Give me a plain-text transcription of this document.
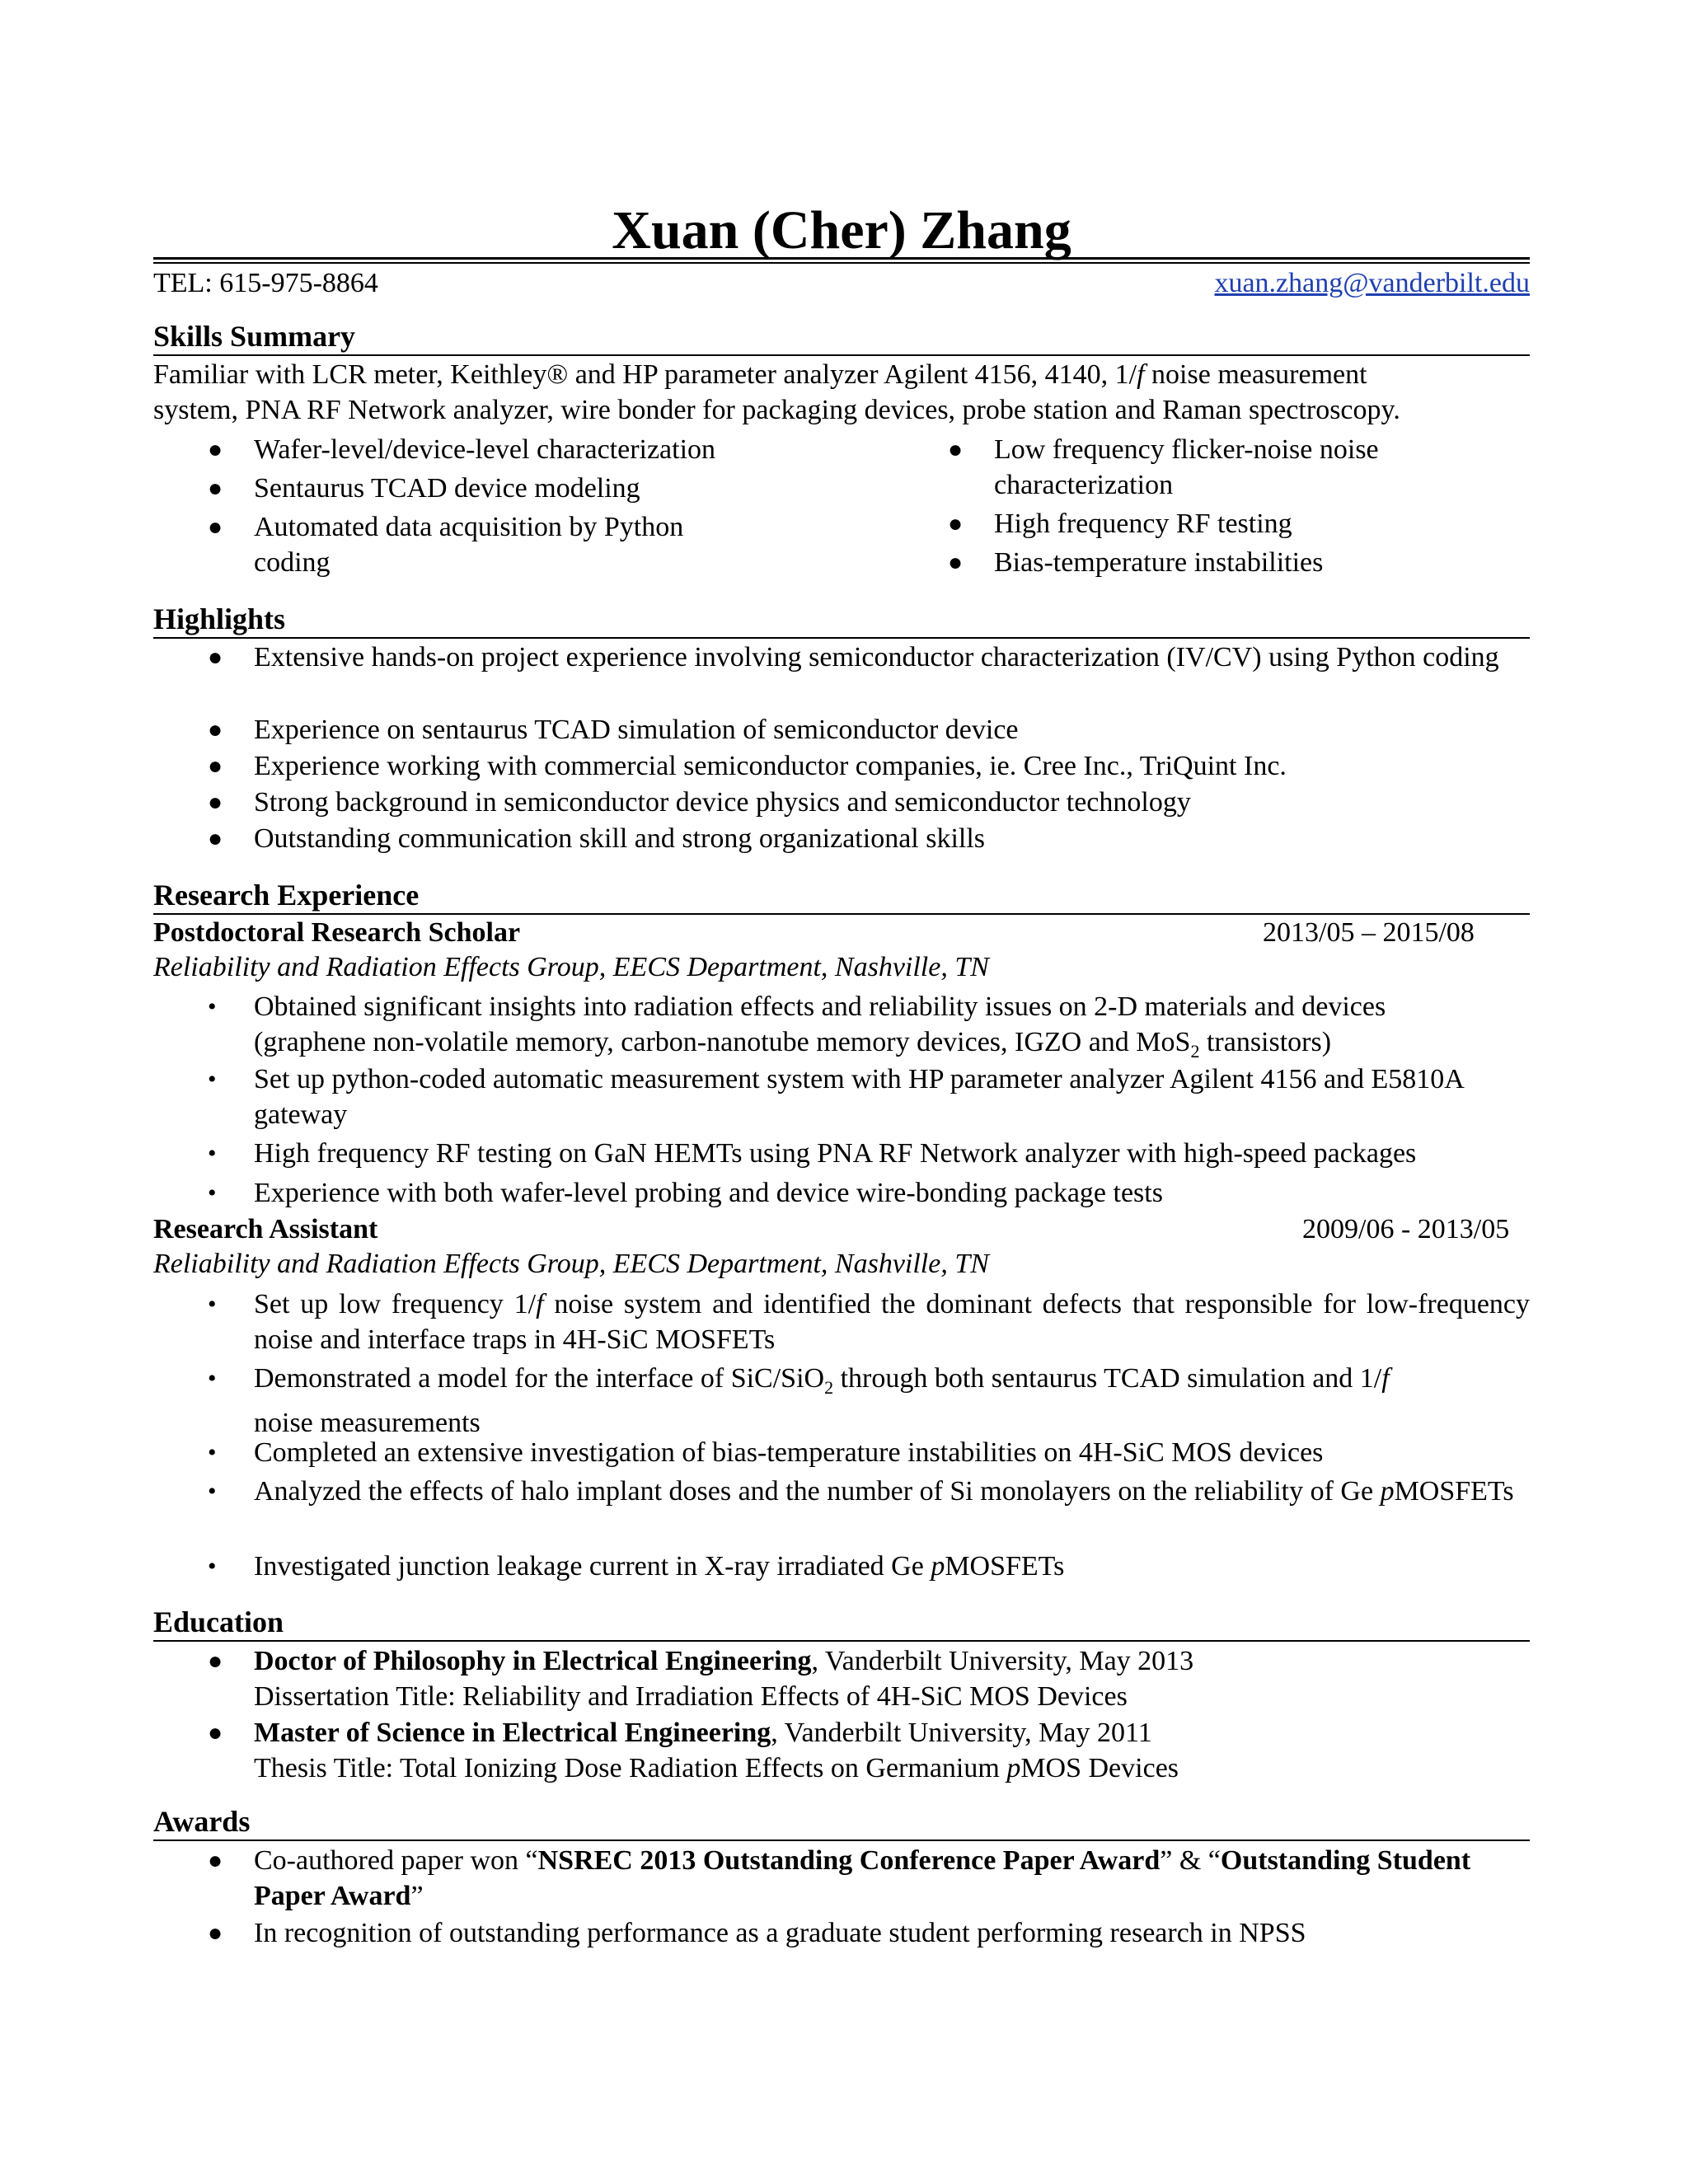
Xuan (Cher) Zhang
TEL: 615-975-8864	xuan.zhang@vanderbilt.edu
Skills Summary
Familiar with LCR meter, Keithley® and HP parameter analyzer Agilent 4156, 4140, 1/f noise measurement
system, PNA RF Network analyzer, wire bonder for packaging devices, probe station and Raman spectroscopy.
● Wafer-level/device-level characterization
● Sentaurus TCAD device modeling
● Automated data acquisition by Python coding
● Low frequency flicker-noise noise characterization
● High frequency RF testing
● Bias-temperature instabilities
Highlights
● Extensive hands-on project experience involving semiconductor characterization (IV/CV) using Python coding
● Experience on sentaurus TCAD simulation of semiconductor device
● Experience working with commercial semiconductor companies, ie. Cree Inc., TriQuint Inc.
● Strong background in semiconductor device physics and semiconductor technology
● Outstanding communication skill and strong organizational skills
Research Experience
Postdoctoral Research Scholar	2013/05 – 2015/08
Reliability and Radiation Effects Group, EECS Department, Nashville, TN
• Obtained significant insights into radiation effects and reliability issues on 2-D materials and devices
(graphene non-volatile memory, carbon-nanotube memory devices, IGZO and MoS$_2$ transistors)
• Set up python-coded automatic measurement system with HP parameter analyzer Agilent 4156 and E5810A gateway
• High frequency RF testing on GaN HEMTs using PNA RF Network analyzer with high-speed packages
• Experience with both wafer-level probing and device wire-bonding package tests
Research Assistant	2009/06 - 2013/05
Reliability and Radiation Effects Group, EECS Department, Nashville, TN
• Set up low frequency 1/f noise system and identified the dominant defects that responsible for low-frequency noise and interface traps in 4H-SiC MOSFETs
• Demonstrated a model for the interface of SiC/SiO$_2$ through both sentaurus TCAD simulation and 1/f
noise measurements
• Completed an extensive investigation of bias-temperature instabilities on 4H-SiC MOS devices
• Analyzed the effects of halo implant doses and the number of Si monolayers on the reliability of Ge pMOSFETs
• Investigated junction leakage current in X-ray irradiated Ge pMOSFETs
Education
● Doctor of Philosophy in Electrical Engineering, Vanderbilt University, May 2013
Dissertation Title: Reliability and Irradiation Effects of 4H-SiC MOS Devices
● Master of Science in Electrical Engineering, Vanderbilt University, May 2011
Thesis Title: Total Ionizing Dose Radiation Effects on Germanium pMOS Devices
Awards
● Co-authored paper won “NSREC 2013 Outstanding Conference Paper Award” & “Outstanding Student Paper Award”
● In recognition of outstanding performance as a graduate student performing research in NPSS
